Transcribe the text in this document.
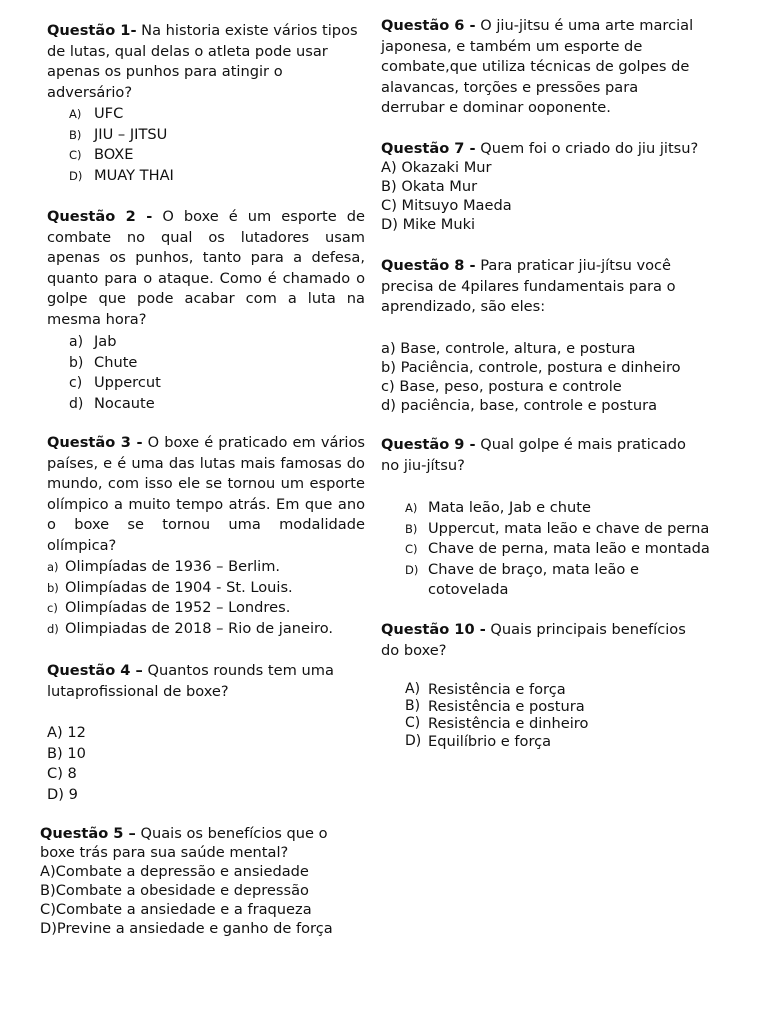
Questão 1- Na historia existe vários tipos de lutas, qual delas o atleta pode usar apenas os punhos para atingir o adversário?

A) UFC
B) JIU – JITSU
C) BOXE
D) MUAY THAI

Questão 2 - O boxe é um esporte de combate no qual os lutadores usam apenas os punhos, tanto para a defesa, quanto para o ataque. Como é chamado o golpe que pode acabar com a luta na mesma hora?

a) Jab
b) Chute
c) Uppercut
d) Nocaute

Questão 3 - O boxe é praticado em vários países, e é uma das lutas mais famosas do mundo, com isso ele se tornou um esporte olímpico a muito tempo atrás. Em que ano o boxe se tornou uma modalidade olímpica?

a) Olimpíadas de 1936 – Berlim.
b) Olimpíadas de 1904 - St. Louis.
c) Olimpíadas de 1952 – Londres.
d) Olimpiadas de 2018 – Rio de janeiro.

Questão 4 – Quantos rounds tem uma lutaprofissional de boxe?

A) 12
B) 10
C) 8
D) 9

Questão 5 – Quais os benefícios que o boxe trás para sua saúde mental?

A)Combate a depressão e ansiedade
B)Combate a obesidade e depressão
C)Combate a ansiedade e a fraqueza
D)Previne a ansiedade e ganho de força

Questão 6 - O jiu-jitsu é uma arte marcial japonesa, e também um esporte de combate,que utiliza técnicas de golpes de alavancas, torções e pressões para derrubar e dominar ooponente.

Questão 7 - Quem foi o criado do jiu jitsu?

A) Okazaki Mur
B) Okata Mur
C) Mitsuyo Maeda
D) Mike Muki

Questão 8 - Para praticar jiu-jítsu você precisa de 4pilares fundamentais para o aprendizado, são eles:

a) Base, controle, altura, e postura
b) Paciência, controle, postura e dinheiro
c) Base, peso, postura e controle
d) paciência, base, controle e postura

Questão 9 - Qual golpe é mais praticado no jiu-jítsu?

A) Mata leão, Jab e chute
B) Uppercut, mata leão e chave de perna
C) Chave de perna, mata leão e montada
D) Chave de braço, mata leão e cotovelada

Questão 10 - Quais principais benefícios do boxe?

A) Resistência e força
B) Resistência e postura
C) Resistência e dinheiro
D) Equilíbrio e força
